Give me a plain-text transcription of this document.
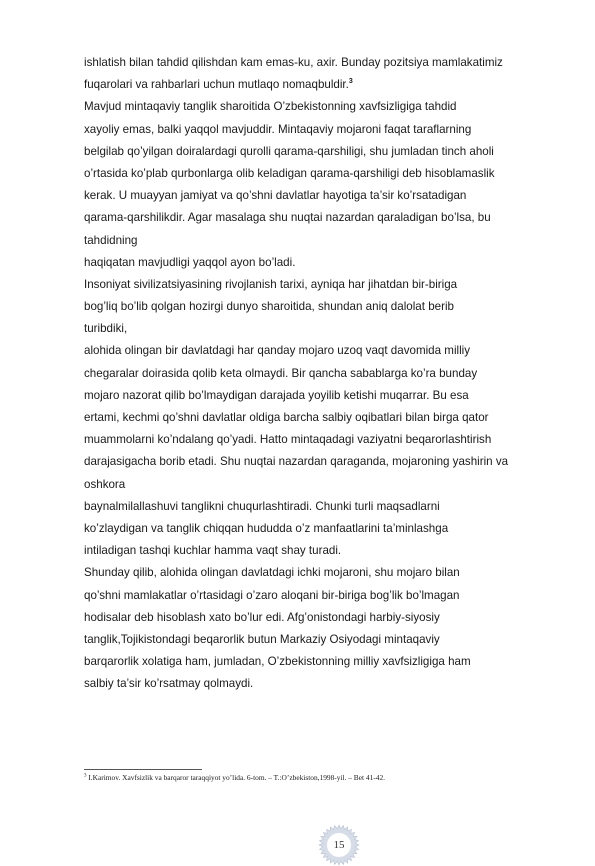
ishlatish bilan tahdid qilishdan kam emas-ku, axir. Bunday pozitsiya mamlakatimiz
fuqarolari va rahbarlari uchun mutlaqo nomaqbuldir.$^3$
Mavjud mintaqaviy tanglik sharoitida O’zbekistonning xavfsizligiga tahdid
xayoliy emas, balki yaqqol mavjuddir. Mintaqaviy mojaroni faqat taraflarning
belgilab qo’yilgan doiralardagi qurolli qarama-qarshiligi, shu jumladan tinch aholi
o’rtasida ko’plab qurbonlarga olib keladigan qarama-qarshiligi deb hisoblamaslik
kerak. U muayyan jamiyat va qo’shni davlatlar hayotiga ta’sir ko’rsatadigan
qarama-qarshilikdir. Agar masalaga shu nuqtai nazardan qaraladigan bo’lsa, bu
tahdidning
haqiqatan mavjudligi yaqqol ayon bo’ladi.
Insoniyat sivilizatsiyasining rivojlanish tarixi, ayniqa har jihatdan bir-biriga
bog’liq bo’lib qolgan hozirgi dunyo sharoitida, shundan aniq dalolat berib
turibdiki,
alohida olingan bir davlatdagi har qanday mojaro uzoq vaqt davomida milliy
chegaralar doirasida qolib keta olmaydi. Bir qancha sabablarga ko’ra bunday
mojaro nazorat qilib bo’lmaydigan darajada yoyilib ketishi muqarrar. Bu esa
ertami, kechmi qo’shni davlatlar oldiga barcha salbiy oqibatlari bilan birga qator
muammolarni ko’ndalang qo’yadi. Hatto mintaqadagi vaziyatni beqarorlashtirish
darajasigacha borib etadi. Shu nuqtai nazardan qaraganda, mojaroning yashirin va
oshkora
baynalmilallashuvi tanglikni chuqurlashtiradi. Chunki turli maqsadlarni
ko’zlaydigan va tanglik chiqqan hududda o’z manfaatlarini ta’minlashga
intiladigan tashqi kuchlar hamma vaqt shay turadi.
Shunday qilib, alohida olingan davlatdagi ichki mojaroni, shu mojaro bilan
qo’shni mamlakatlar o’rtasidagi o’zaro aloqani bir-biriga bog’lik bo’lmagan
hodisalar deb hisoblash xato bo’lur edi. Afg’onistondagi harbiy-siyosiy
tanglik,Tojikistondagi beqarorlik butun Markaziy Osiyodagi mintaqaviy
barqarorlik xolatiga ham, jumladan, O’zbekistonning milliy xavfsizligiga ham
salbiy ta’sir ko’rsatmay qolmaydi.
$^3$ I.Karimov. Xavfsizlik va barqaror taraqqiyot yo’lida. 6-tom. – T.:O’zbekiston,1998-yil. – Bet 41-42.
15
